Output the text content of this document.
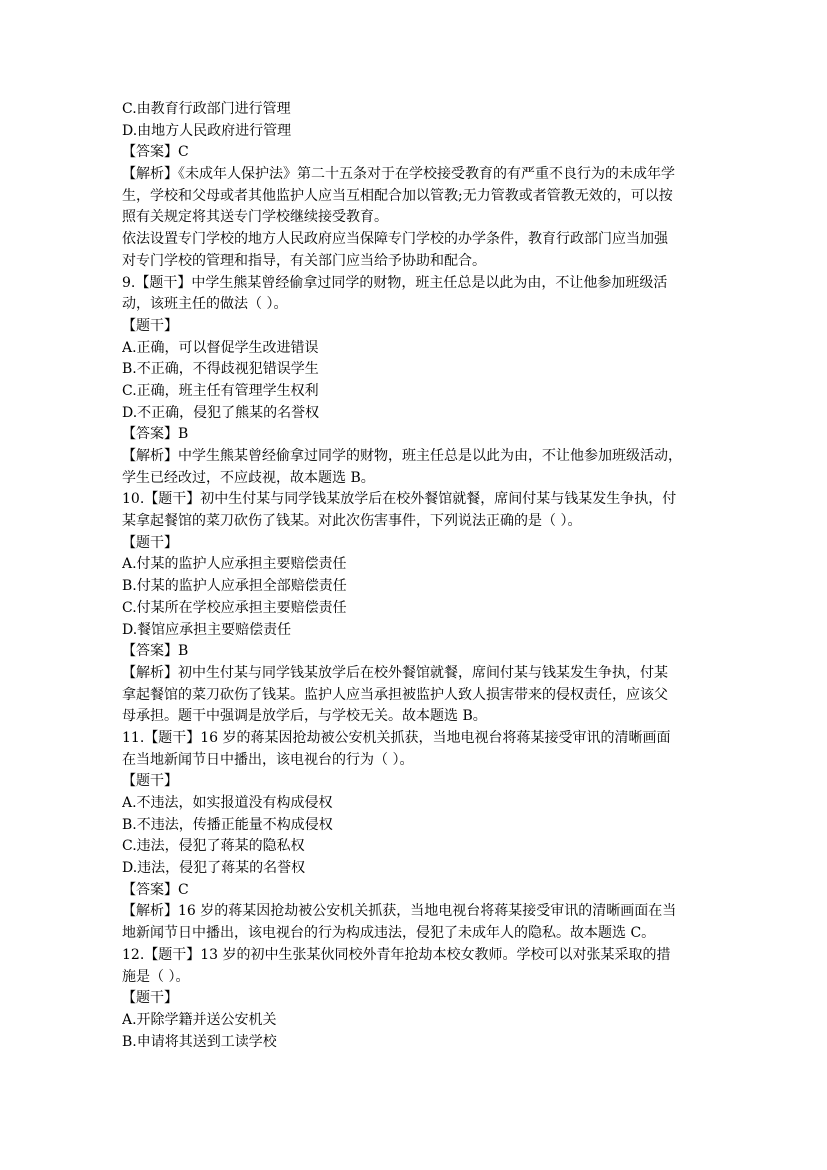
C.由教育行政部门进行管理
D.由地方人民政府进行管理
【答案】C
【解析】《未成年人保护法》第二十五条对于在学校接受教育的有严重不良行为的未成年学
生，学校和父母或者其他监护人应当互相配合加以管教;无力管教或者管教无效的，可以按
照有关规定将其送专门学校继续接受教育。
依法设置专门学校的地方人民政府应当保障专门学校的办学条件，教育行政部门应当加强
对专门学校的管理和指导，有关部门应当给予协助和配合。
9.【题干】中学生熊某曾经偷拿过同学的财物，班主任总是以此为由，不让他参加班级活
动，该班主任的做法（ ）。
【题干】
A.正确，可以督促学生改进错误
B.不正确，不得歧视犯错误学生
C.正确，班主任有管理学生权利
D.不正确，侵犯了熊某的名誉权
【答案】B
【解析】中学生熊某曾经偷拿过同学的财物，班主任总是以此为由，不让他参加班级活动，
学生已经改过，不应歧视，故本题选 B。
10.【题干】初中生付某与同学钱某放学后在校外餐馆就餐，席间付某与钱某发生争执，付
某拿起餐馆的菜刀砍伤了钱某。对此次伤害事件，下列说法正确的是（ ）。
【题干】
A.付某的监护人应承担主要赔偿责任
B.付某的监护人应承担全部赔偿责任
C.付某所在学校应承担主要赔偿责任
D.餐馆应承担主要赔偿责任
【答案】B
【解析】初中生付某与同学钱某放学后在校外餐馆就餐，席间付某与钱某发生争执，付某
拿起餐馆的菜刀砍伤了钱某。监护人应当承担被监护人致人损害带来的侵权责任，应该父
母承担。题干中强调是放学后，与学校无关。故本题选 B。
11.【题干】16 岁的蒋某因抢劫被公安机关抓获，当地电视台将蒋某接受审讯的清晰画面
在当地新闻节日中播出，该电视台的行为（ ）。
【题干】
A.不违法，如实报道没有构成侵权
B.不违法，传播正能量不构成侵权
C.违法，侵犯了蒋某的隐私权
D.违法，侵犯了蒋某的名誉权
【答案】C
【解析】16 岁的蒋某因抢劫被公安机关抓获，当地电视台将蒋某接受审讯的清晰画面在当
地新闻节日中播出，该电视台的行为构成违法，侵犯了未成年人的隐私。故本题选 C。
12.【题干】13 岁的初中生张某伙同校外青年抢劫本校女教师。学校可以对张某采取的措
施是（ ）。
【题干】
A.开除学籍并送公安机关
B.申请将其送到工读学校
